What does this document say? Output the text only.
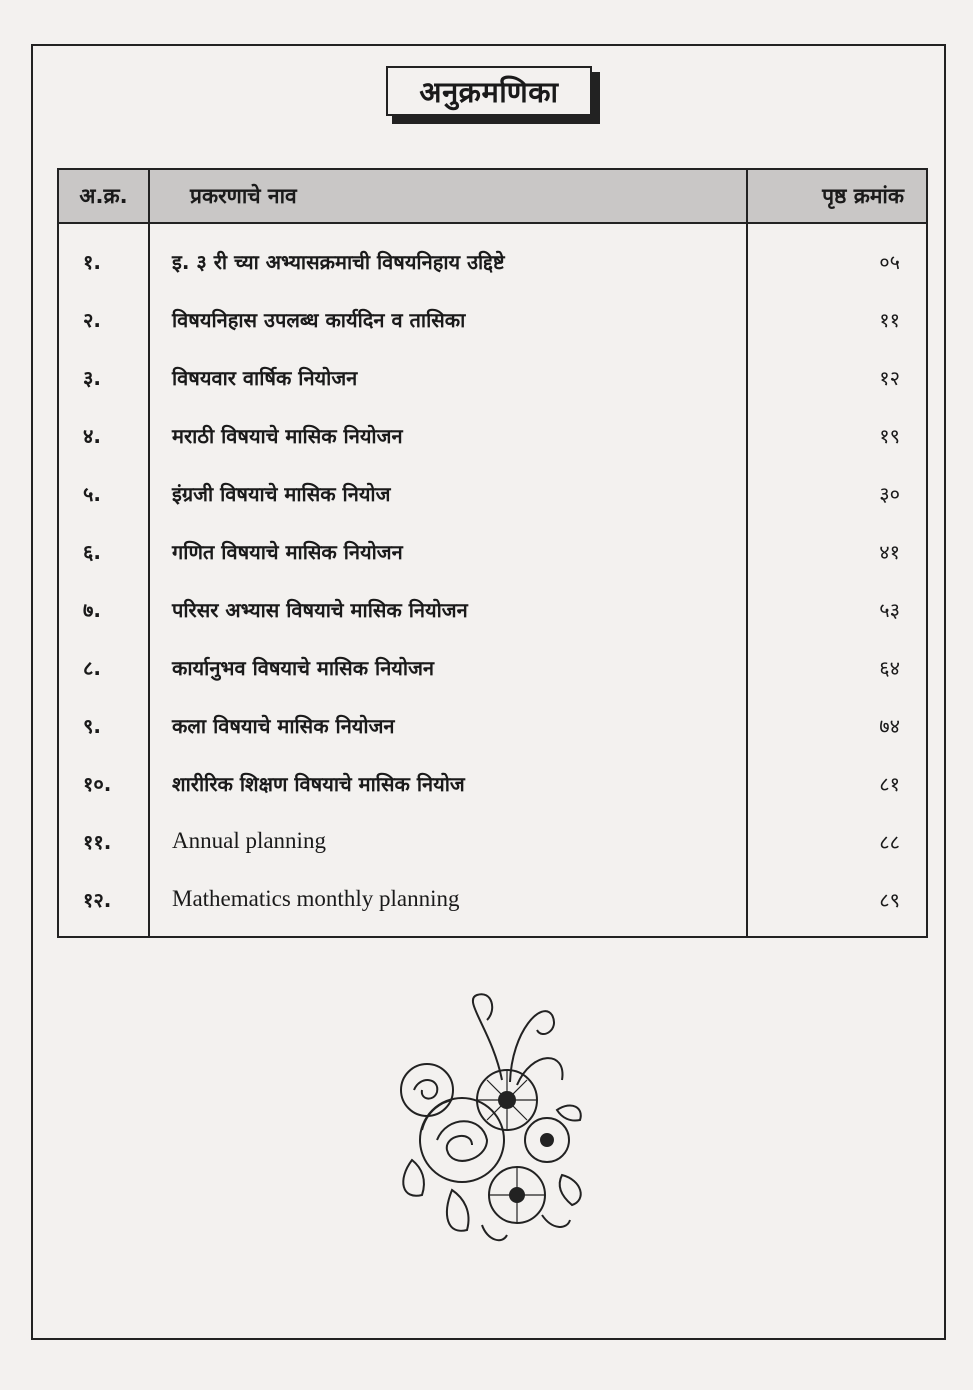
अनुक्रमणिका
अ.क्र.	प्रकरणाचे नाव	पृष्ठ क्रमांक
१.	इ. ३ री च्या अभ्यासक्रमाची विषयनिहाय उद्दिष्टे	०५
२.	विषयनिहास उपलब्ध कार्यदिन व तासिका	११
३.	विषयवार वार्षिक नियोजन	१२
४.	मराठी विषयाचे मासिक नियोजन	१९
५.	इंग्रजी विषयाचे मासिक नियोज	३०
६.	गणित विषयाचे मासिक नियोजन	४१
७.	परिसर अभ्यास विषयाचे मासिक नियोजन	५३
८.	कार्यानुभव विषयाचे मासिक नियोजन	६४
९.	कला विषयाचे मासिक नियोजन	७४
१०.	शारीरिक शिक्षण विषयाचे मासिक नियोज	८१
११.	Annual planning	८८
१२.	Mathematics monthly planning	८९
